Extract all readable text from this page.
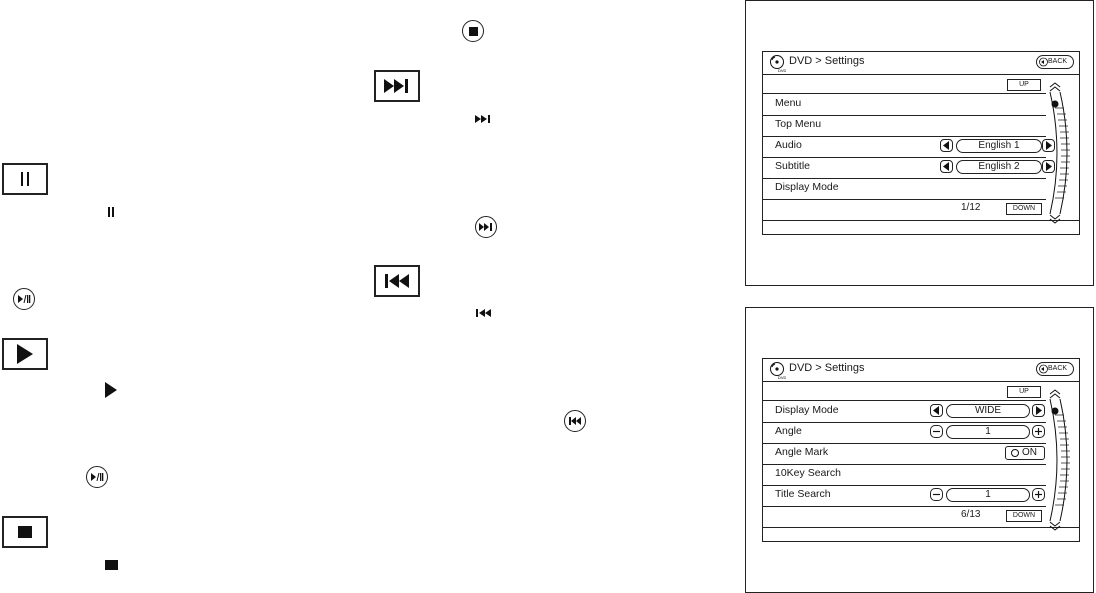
DVD
DVD > Settings	BACK
UP
Menu
Top Menu
Audio	English 1
Subtitle	English 2
Display Mode
1/12	DOWN
DVD
DVD > Settings	BACK
UP
Display Mode	WIDE
Angle	1
Angle Mark	ON
10Key Search
Title Search	1
6/13	DOWN
